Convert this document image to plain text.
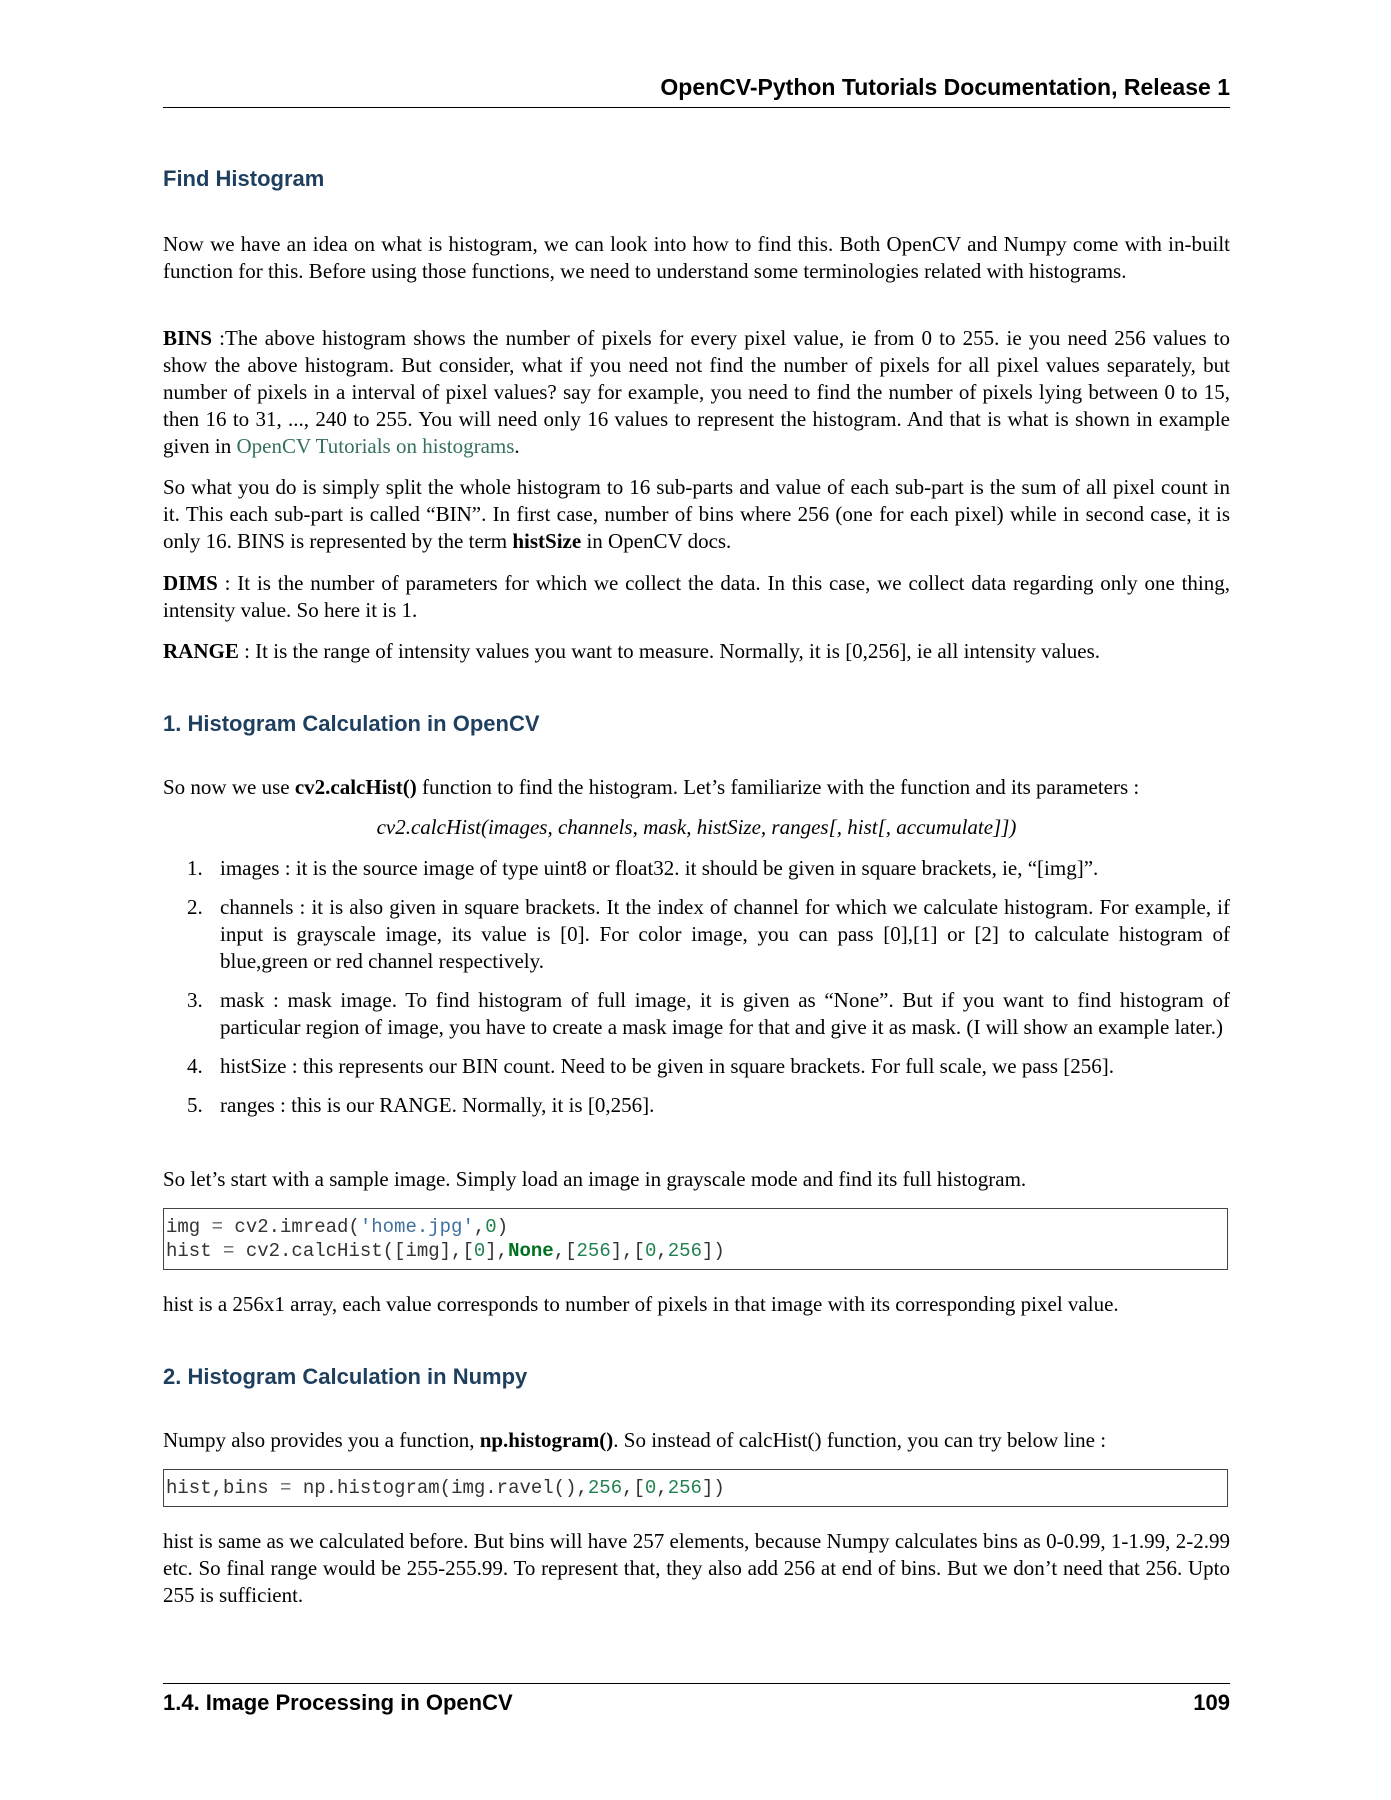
OpenCV-Python Tutorials Documentation, Release 1
Find Histogram

Now we have an idea on what is histogram, we can look into how to find this. Both OpenCV and Numpy come with in-built function for this. Before using those functions, we need to understand some terminologies related with histograms.

BINS :The above histogram shows the number of pixels for every pixel value, ie from 0 to 255. ie you need 256 values to show the above histogram. But consider, what if you need not find the number of pixels for all pixel values separately, but number of pixels in a interval of pixel values? say for example, you need to find the number of pixels lying between 0 to 15, then 16 to 31, ..., 240 to 255. You will need only 16 values to represent the histogram. And that is what is shown in example given in OpenCV Tutorials on histograms.

So what you do is simply split the whole histogram to 16 sub-parts and value of each sub-part is the sum of all pixel count in it. This each sub-part is called “BIN”. In first case, number of bins where 256 (one for each pixel) while in second case, it is only 16. BINS is represented by the term histSize in OpenCV docs.

DIMS : It is the number of parameters for which we collect the data. In this case, we collect data regarding only one thing, intensity value. So here it is 1.

RANGE : It is the range of intensity values you want to measure. Normally, it is [0,256], ie all intensity values.

1. Histogram Calculation in OpenCV

So now we use cv2.calcHist() function to find the histogram. Let’s familiarize with the function and its parameters :

cv2.calcHist(images, channels, mask, histSize, ranges[, hist[, accumulate]])
1. images : it is the source image of type uint8 or float32. it should be given in square brackets, ie, “[img]”.
2. channels : it is also given in square brackets. It the index of channel for which we calculate histogram. For example, if input is grayscale image, its value is [0]. For color image, you can pass [0],[1] or [2] to calculate histogram of blue,green or red channel respectively.
3. mask : mask image. To find histogram of full image, it is given as “None”. But if you want to find histogram of particular region of image, you have to create a mask image for that and give it as mask. (I will show an example later.)
4. histSize : this represents our BIN count. Need to be given in square brackets. For full scale, we pass [256].
5. ranges : this is our RANGE. Normally, it is [0,256].

So let’s start with a sample image. Simply load an image in grayscale mode and find its full histogram.

img = cv2.imread('home.jpg',0)
hist = cv2.calcHist([img],[0],None,[256],[0,256])

hist is a 256x1 array, each value corresponds to number of pixels in that image with its corresponding pixel value.

2. Histogram Calculation in Numpy

Numpy also provides you a function, np.histogram(). So instead of calcHist() function, you can try below line :

hist,bins = np.histogram(img.ravel(),256,[0,256])

hist is same as we calculated before. But bins will have 257 elements, because Numpy calculates bins as 0-0.99, 1-1.99, 2-2.99 etc. So final range would be 255-255.99. To represent that, they also add 256 at end of bins. But we don’t need that 256. Upto 255 is sufficient.

1.4. Image Processing in OpenCV	109
